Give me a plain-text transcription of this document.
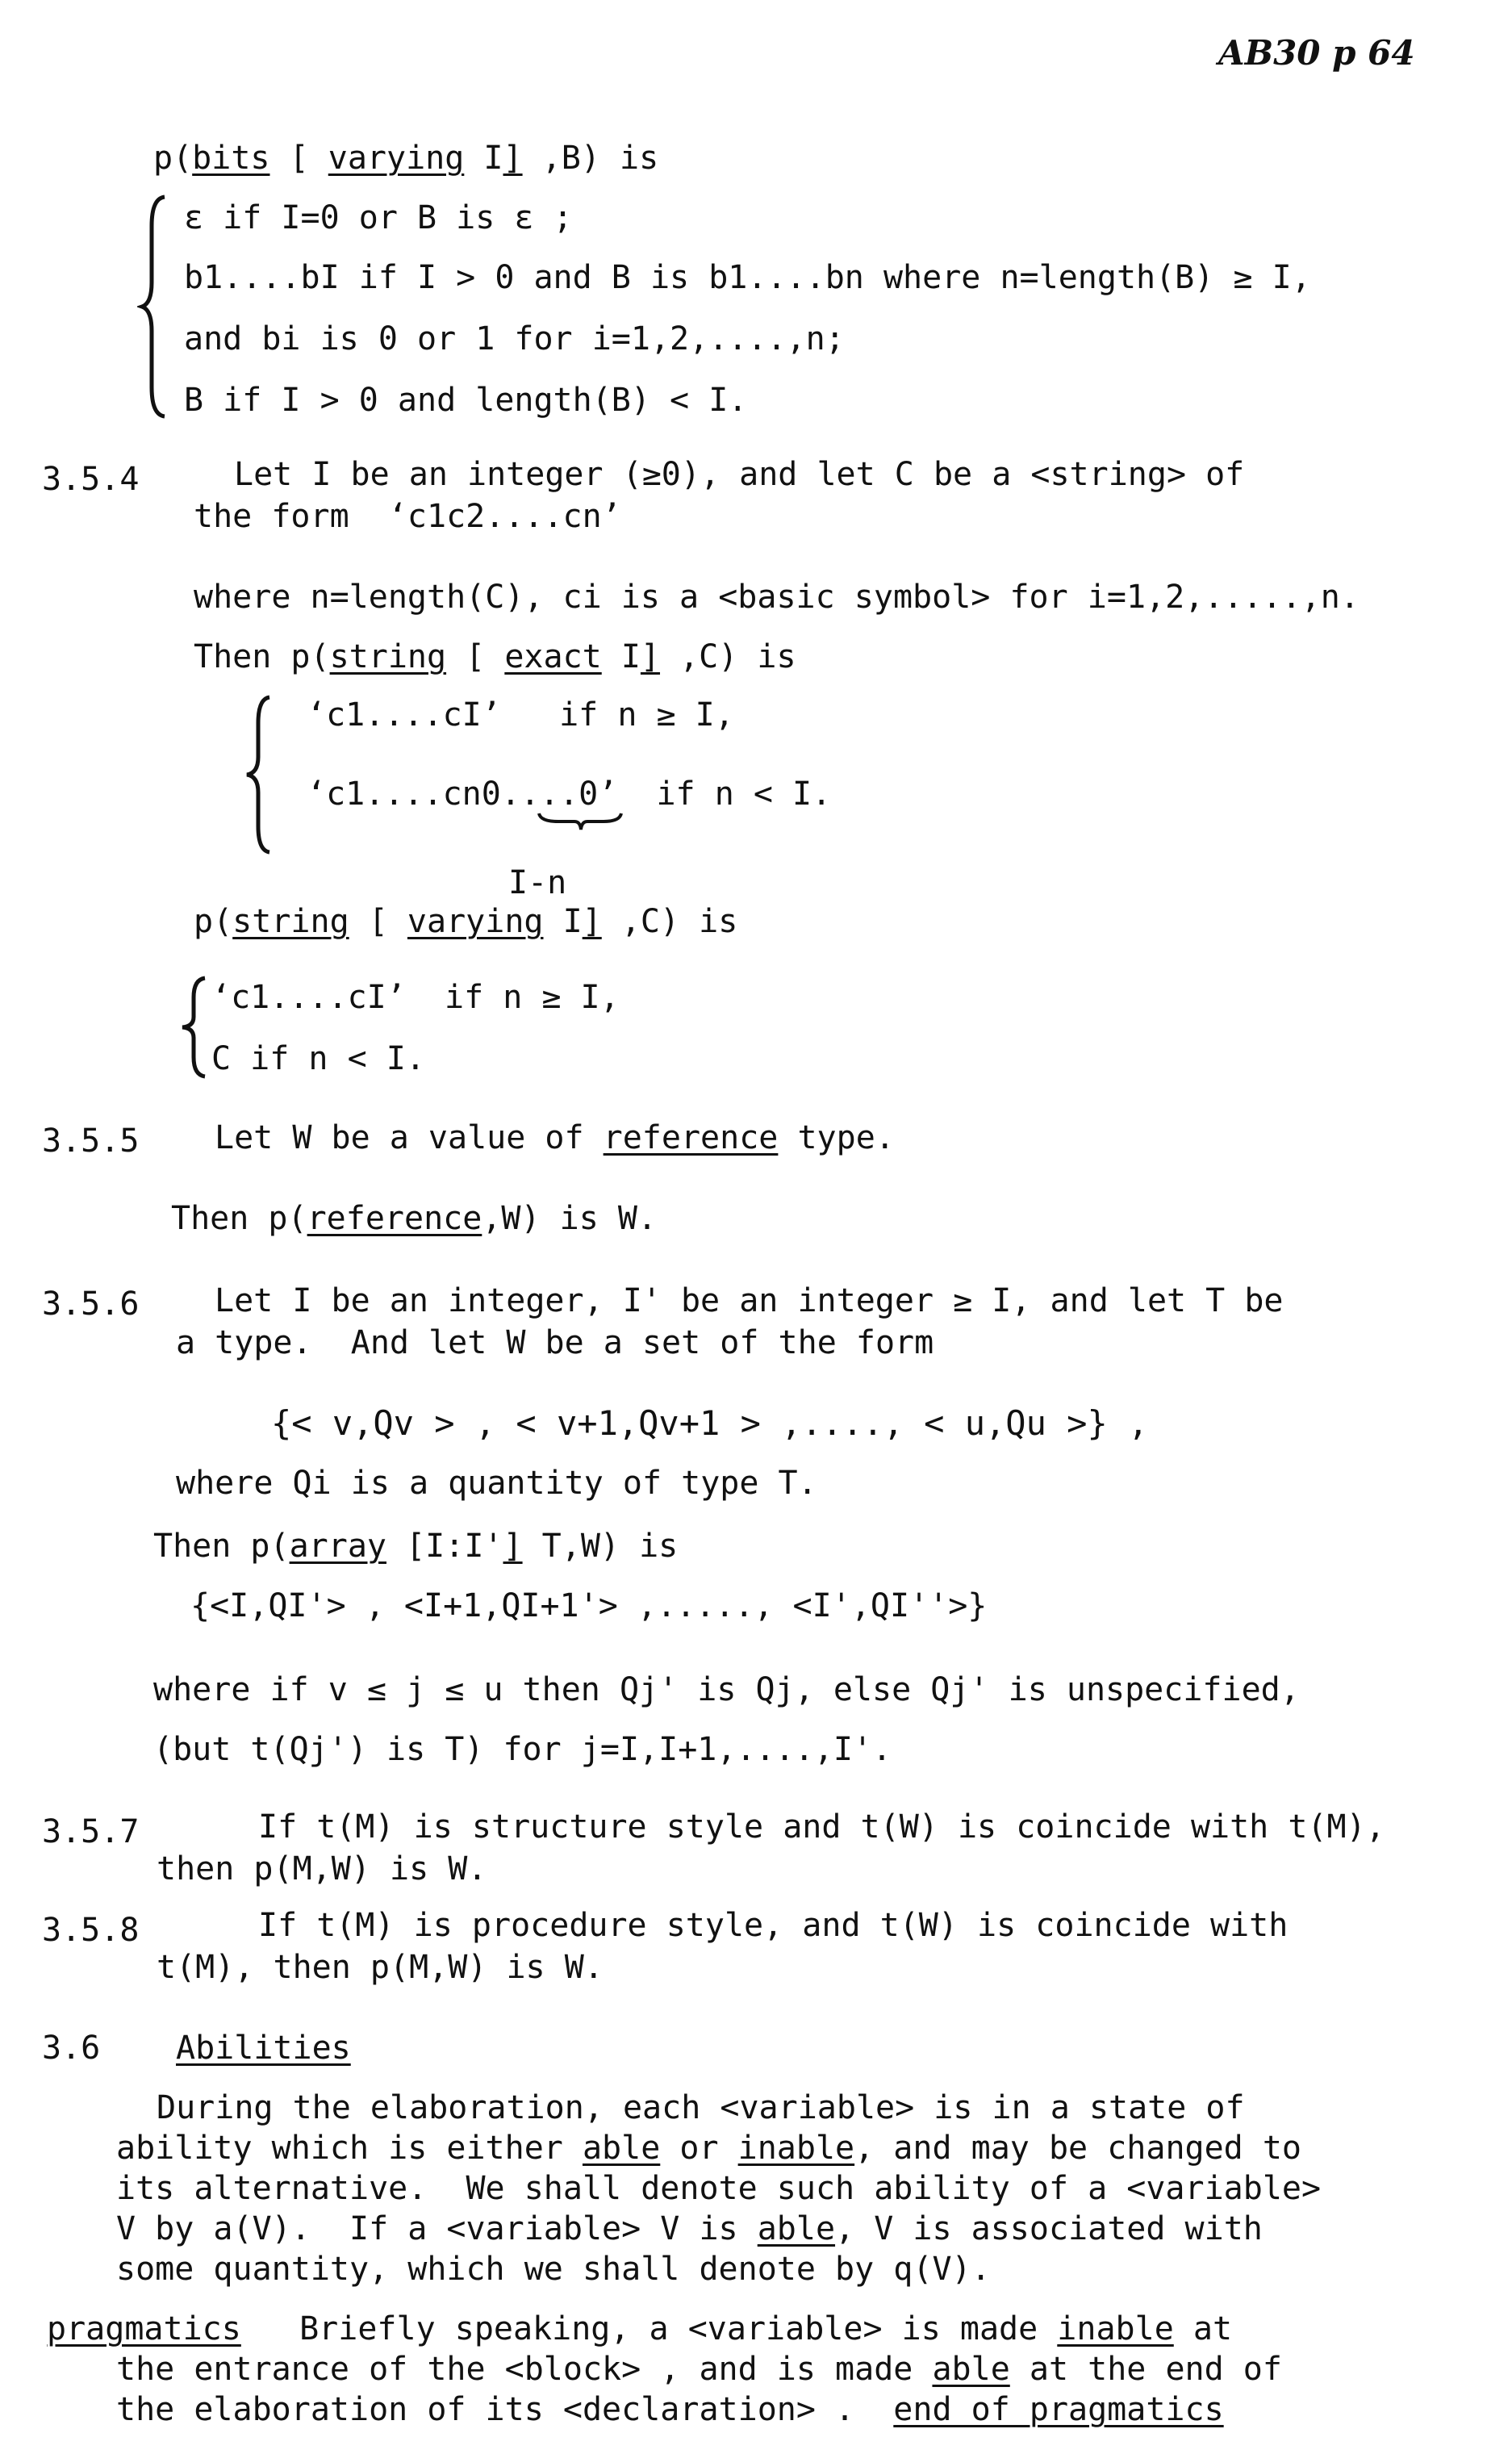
AB30 p 64
p(bits [ varying I] ,B) is
ε if I=0 or B is ε ;
b1....bI if I > 0 and B is b1....bn where n=length(B) ≥ I,
and bi is 0 or 1 for i=1,2,....,n;
B if I > 0 and length(B) < I.
3.5.4	Let I be an integer (≥0), and let C be a <string> of
the form  ‘c1c2....cn’
where n=length(C), ci is a <basic symbol> for i=1,2,.....,n.
Then p(string [ exact I] ,C) is
‘c1....cI’   if n ≥ I,
‘c1....cn0....0’  if n < I.
I-n
p(string [ varying I] ,C) is
‘c1....cI’  if n ≥ I,
C if n < I.
3.5.5 Let W be a value of reference type.
Then p(reference,W) is W.
3.5.6 Let I be an integer, I' be an integer ≥ I, and let T be
a type.  And let W be a set of the form
{< v,Qv > , < v+1,Qv+1 > ,...., < u,Qu >} ,
where Qi is a quantity of type T.
Then p(array [I:I'] T,W) is
{<I,QI'> , <I+1,QI+1'> ,....., <I',QI''>}
where if v ≤ j ≤ u then Qj' is Qj, else Qj' is unspecified,
(but t(Qj') is T) for j=I,I+1,....,I'.
3.5.7	If t(M) is structure style and t(W) is coincide with t(M),
then p(M,W) is W.
3.5.8	If t(M) is procedure style, and t(W) is coincide with
t(M), then p(M,W) is W.
3.6 Abilities
During the elaboration, each <variable> is in a state of
ability which is either able or inable, and may be changed to
its alternative.  We shall denote such ability of a <variable>
V by a(V).  If a <variable> V is able, V is associated with
some quantity, which we shall denote by q(V).
pragmatics   Briefly speaking, a <variable> is made inable at
the entrance of the <block> , and is made able at the end of
the elaboration of its <declaration> .  end of pragmatics
